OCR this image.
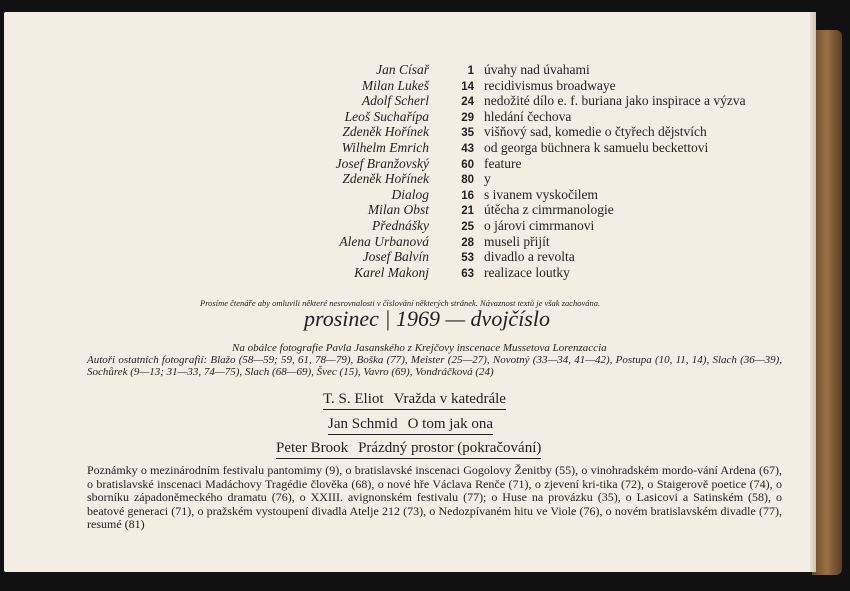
Jan Císař	1 úvahy nad úvahami
Milan Lukeš	14 recidivismus broadwaye
Adolf Scherl	24 nedožité dílo e. f. buriana jako inspirace a výzva
Leoš Suchařípa	29 hledání čechova
Zdeněk Hořínek	35 višňový sad, komedie o čtyřech dějstvích
Wilhelm Emrich	43 od georga büchnera k samuelu beckettovi
Josef Branžovský	60 feature
Zdeněk Hořínek	80 y
Dialog	16 s ivanem vyskočilem
Milan Obst	21 útěcha z cimrmanologie
Přednášky	25 o járovi cimrmanovi
Alena Urbanová	28 museli přijít
Josef Balvín	53 divadlo a revolta
Karel Makonj	63 realizace loutky
Prosíme čtenáře aby omluvili některé nesrovnalosti v číslování některých stránek. Návaznost textů je však zachována.
prosinec | 1969 — dvojčíslo
Na obálce fotografie Pavla Jasanského z Krejčovy inscenace Mussetova Lorenzaccia
Autoři ostatních fotografií: Blažo (58—59; 59, 61, 78—79), Boška (77), Meister (25—27), Novotný (33—34, 41—42), Postupa (10, 11, 14), Slach (36—39), Sochůrek (9—13; 31—33, 74—75), Slach (68—69), Švec (15), Vavro (69), Vondráčková (24)
T. S. Eliot Vražda v katedrále
Jan Schmid O tom jak ona
Peter Brook Prázdný prostor (pokračování)
Poznámky o mezinárodním festivalu pantomimy (9), o bratislavské inscenaci Gogolovy Ženitby (55), o vinohradském mordo-vání Ardena (67), o bratislavské inscenaci Madáchovy Tragédie člověka (68), o nové hře Václava Renče (71), o zjevení kri-tika (72), o Staigerově poetice (74), o sborníku západoněmeckého dramatu (76), o XXIII. avignonském festivalu (77); o Huse na provázku (35), o Lasicovi a Satinském (58), o beatové generaci (71), o pražském vystoupení divadla Atelje 212 (73), o Nedozpívaném hitu ve Viole (76), o novém bratislavském divadle (77), resumé (81)
